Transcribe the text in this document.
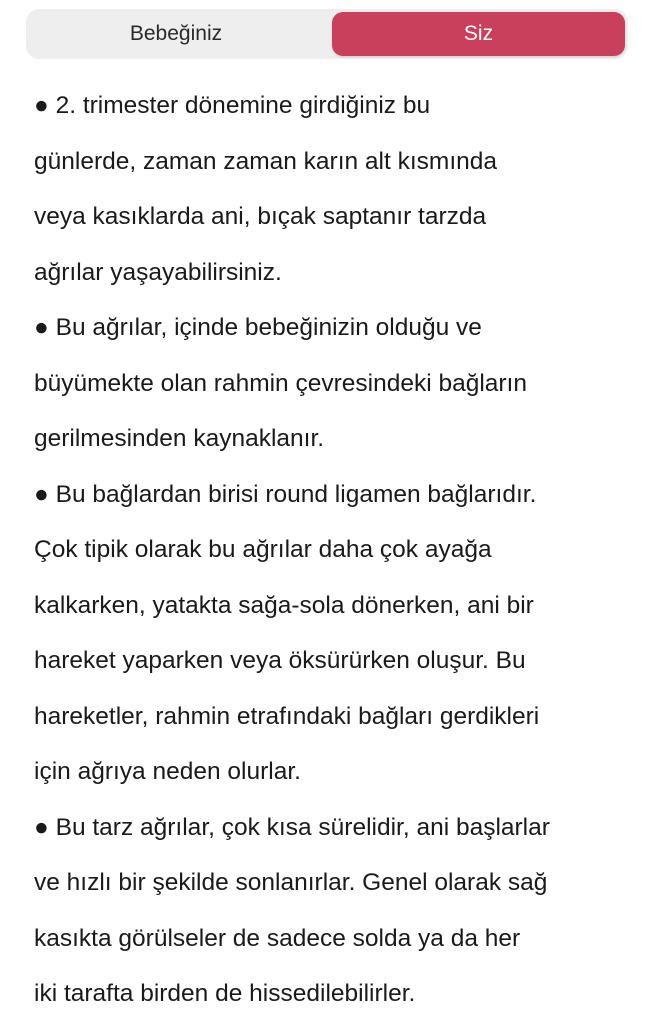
Bebeğiniz	Siz
● 2. trimester dönemine girdiğiniz bu
günlerde, zaman zaman karın alt kısmında
veya kasıklarda ani, bıçak saptanır tarzda
ağrılar yaşayabilirsiniz.
● Bu ağrılar, içinde bebeğinizin olduğu ve
büyümekte olan rahmin çevresindeki bağların
gerilmesinden kaynaklanır.
● Bu bağlardan birisi round ligamen bağlarıdır.
Çok tipik olarak bu ağrılar daha çok ayağa
kalkarken, yatakta sağa-sola dönerken, ani bir
hareket yaparken veya öksürürken oluşur. Bu
hareketler, rahmin etrafındaki bağları gerdikleri
için ağrıya neden olurlar.
● Bu tarz ağrılar, çok kısa sürelidir, ani başlarlar
ve hızlı bir şekilde sonlanırlar. Genel olarak sağ
kasıkta görülseler de sadece solda ya da her
iki tarafta birden de hissedilebilirler.
